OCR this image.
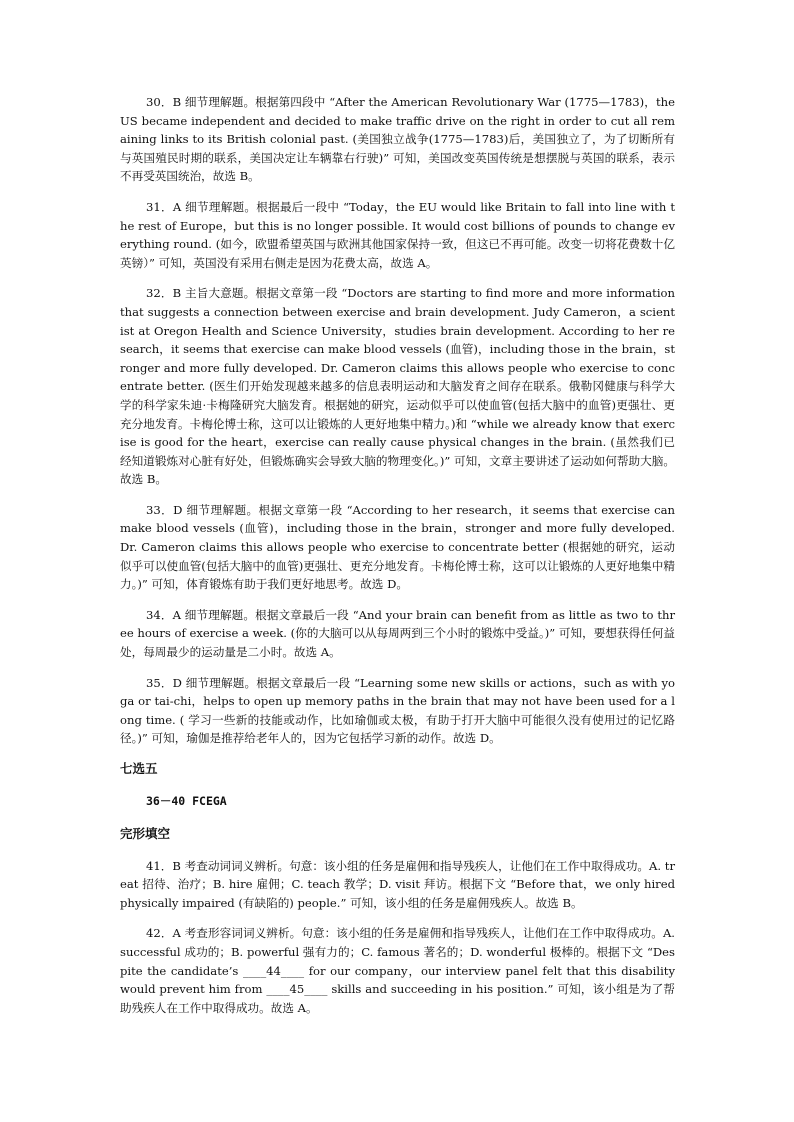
30．B 细节理解题。根据第四段中 “After the American Revolutionary War (1775—1783)，the US became independent and decided to make traffic drive on the right in order to cut all remaining links to its British colonial past. (美国独立战争(1775—1783)后，美国独立了，为了切断所有与英国殖民时期的联系，美国决定让车辆靠右行驶)” 可知，美国改变英国传统是想摆脱与英国的联系，表示不再受英国统治，故选 B。

31．A 细节理解题。根据最后一段中 “Today，the EU would like Britain to fall into line with the rest of Europe，but this is no longer possible. It would cost billions of pounds to change everything round. (如今，欧盟希望英国与欧洲其他国家保持一致，但这已不再可能。改变一切将花费数十亿英镑）” 可知，英国没有采用右侧走是因为花费太高，故选 A。

32．B 主旨大意题。根据文章第一段 “Doctors are starting to find more and more information that suggests a connection between exercise and brain development. Judy Cameron，a scientist at Oregon Health and Science University，studies brain development. According to her research，it seems that exercise can make blood vessels (血管)，including those in the brain，stronger and more fully developed. Dr. Cameron claims this allows people who exercise to concentrate better. (医生们开始发现越来越多的信息表明运动和大脑发育之间存在联系。俄勒冈健康与科学大学的科学家朱迪·卡梅隆研究大脑发育。根据她的研究，运动似乎可以使血管(包括大脑中的血管)更强壮、更充分地发育。卡梅伦博士称，这可以让锻炼的人更好地集中精力。)和 “while we already know that exercise is good for the heart，exercise can really cause physical changes in the brain. (虽然我们已经知道锻炼对心脏有好处，但锻炼确实会导致大脑的物理变化。)” 可知，文章主要讲述了运动如何帮助大脑。故选 B。

33．D 细节理解题。根据文章第一段 “According to her research，it seems that exercise can make blood vessels (血管)，including those in the brain，stronger and more fully developed. Dr. Cameron claims this allows people who exercise to concentrate better (根据她的研究，运动似乎可以使血管(包括大脑中的血管)更强壮、更充分地发育。卡梅伦博士称，这可以让锻炼的人更好地集中精力。)” 可知，体育锻炼有助于我们更好地思考。故选 D。

34．A 细节理解题。根据文章最后一段 “And your brain can benefit from as little as two to three hours of exercise a week. (你的大脑可以从每周两到三个小时的锻炼中受益。)” 可知，要想获得任何益处，每周最少的运动量是二小时。故选 A。

35．D 细节理解题。根据文章最后一段 “Learning some new skills or actions，such as with yoga or tai-chi，helps to open up memory paths in the brain that may not have been used for a long time. ( 学习一些新的技能或动作，比如瑜伽或太极，有助于打开大脑中可能很久没有使用过的记忆路径。)” 可知，瑜伽是推荐给老年人的，因为它包括学习新的动作。故选 D。

七选五
36－40 FCEGA
完形填空

41．B 考查动词词义辨析。句意：该小组的任务是雇佣和指导残疾人，让他们在工作中取得成功。A. treat 招待、治疗；B. hire 雇佣；C. teach 教学；D. visit 拜访。根据下文 “Before that，we only hired physically impaired (有缺陷的) people.” 可知，该小组的任务是雇佣残疾人。故选 B。

42．A 考查形容词词义辨析。句意：该小组的任务是雇佣和指导残疾人，让他们在工作中取得成功。A. successful 成功的；B. powerful 强有力的；C. famous 著名的；D. wonderful 极棒的。根据下文 “Despite the candidate’s ____44____ for our company，our interview panel felt that this disability would prevent him from ____45____ skills and succeeding in his position.” 可知，该小组是为了帮助残疾人在工作中取得成功。故选 A。
